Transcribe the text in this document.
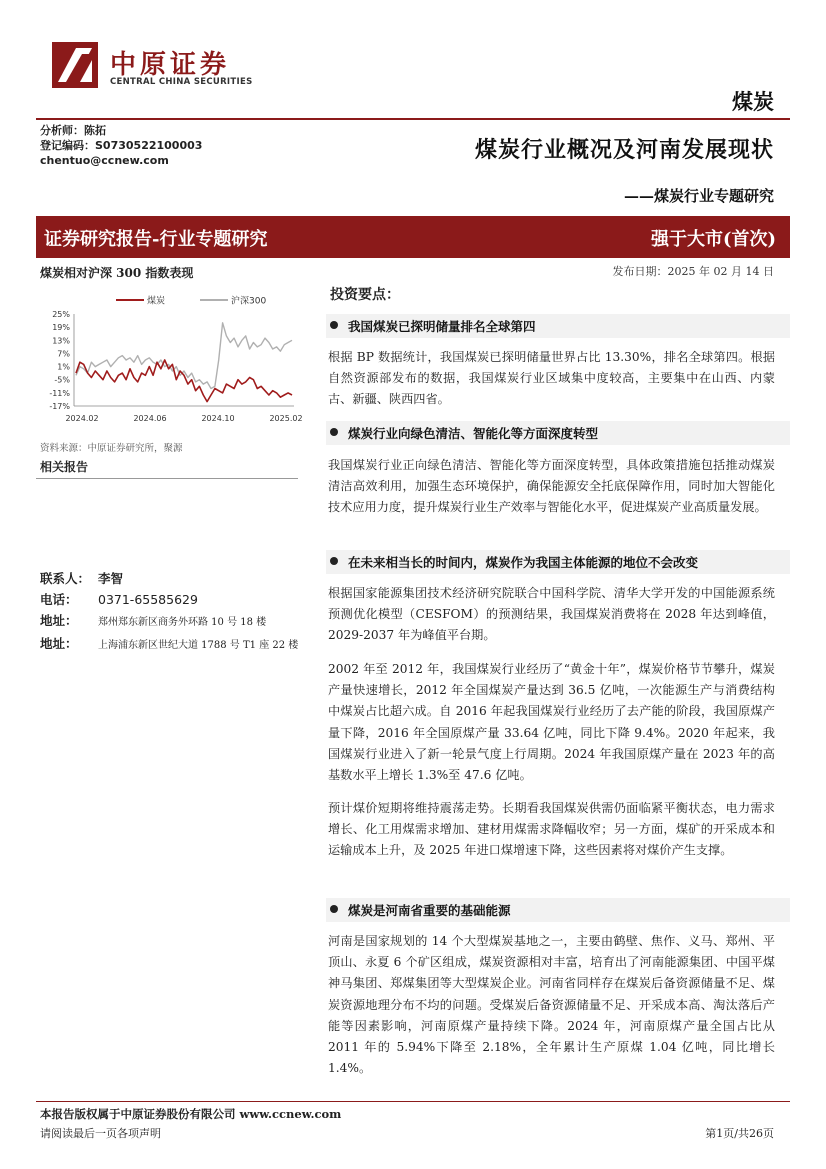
中原证券
CENTRAL CHINA SECURITIES
煤炭
分析师：陈拓
登记编码：S0730522100003
chentuo@ccnew.com	煤炭行业概况及河南发展现状
——煤炭行业专题研究
证券研究报告-行业专题研究	强于大市(首次)
煤炭相对沪深 300 指数表现	发布日期：2025 年 02 月 14 日
煤炭	沪深300
25%
19%
13%
7%
1%
-5%
-11%
-17%
2024.02	2024.06	2024.10	2025.02
资料来源：中原证券研究所，聚源
相关报告
联系人： 李智
电话： 0371-65585629
地址： 郑州郑东新区商务外环路 10 号 18 楼
地址： 上海浦东新区世纪大道 1788 号 T1 座 22 楼
投资要点：
我国煤炭已探明储量排名全球第四
根据 BP 数据统计，我国煤炭已探明储量世界占比 13.30%，排名全球第四。根据自然资源部发布的数据，我国煤炭行业区域集中度较高，主要集中在山西、内蒙古、新疆、陕西四省。
煤炭行业向绿色清洁、智能化等方面深度转型
我国煤炭行业正向绿色清洁、智能化等方面深度转型，具体政策措施包括推动煤炭清洁高效利用，加强生态环境保护，确保能源安全托底保障作用，同时加大智能化技术应用力度，提升煤炭行业生产效率与智能化水平，促进煤炭产业高质量发展。
在未来相当长的时间内，煤炭作为我国主体能源的地位不会改变
根据国家能源集团技术经济研究院联合中国科学院、清华大学开发的中国能源系统预测优化模型（CESFOM）的预测结果，我国煤炭消费将在 2028 年达到峰值，2029-2037 年为峰值平台期。
2002 年至 2012 年，我国煤炭行业经历了“黄金十年”，煤炭价格节节攀升，煤炭产量快速增长，2012 年全国煤炭产量达到 36.5 亿吨，一次能源生产与消费结构中煤炭占比超六成。自 2016 年起我国煤炭行业经历了去产能的阶段，我国原煤产量下降，2016 年全国原煤产量 33.64 亿吨，同比下降 9.4%。2020 年起来，我国煤炭行业进入了新一轮景气度上行周期。2024 年我国原煤产量在 2023 年的高基数水平上增长 1.3%至 47.6 亿吨。
预计煤价短期将维持震荡走势。长期看我国煤炭供需仍面临紧平衡状态，电力需求增长、化工用煤需求增加、建材用煤需求降幅收窄；另一方面，煤矿的开采成本和运输成本上升，及 2025 年进口煤增速下降，这些因素将对煤价产生支撑。
煤炭是河南省重要的基础能源
河南是国家规划的 14 个大型煤炭基地之一，主要由鹤壁、焦作、义马、郑州、平顶山、永夏 6 个矿区组成，煤炭资源相对丰富，培育出了河南能源集团、中国平煤神马集团、郑煤集团等大型煤炭企业。河南省同样存在煤炭后备资源储量不足、煤炭资源地理分布不均的问题。受煤炭后备资源储量不足、开采成本高、淘汰落后产能等因素影响，河南原煤产量持续下降。2024 年，河南原煤产量全国占比从 2011 年的 5.94%下降至 2.18%，全年累计生产原煤 1.04 亿吨，同比增长 1.4%。
本报告版权属于中原证券股份有限公司 www.ccnew.com
请阅读最后一页各项声明	第1页/共26页
